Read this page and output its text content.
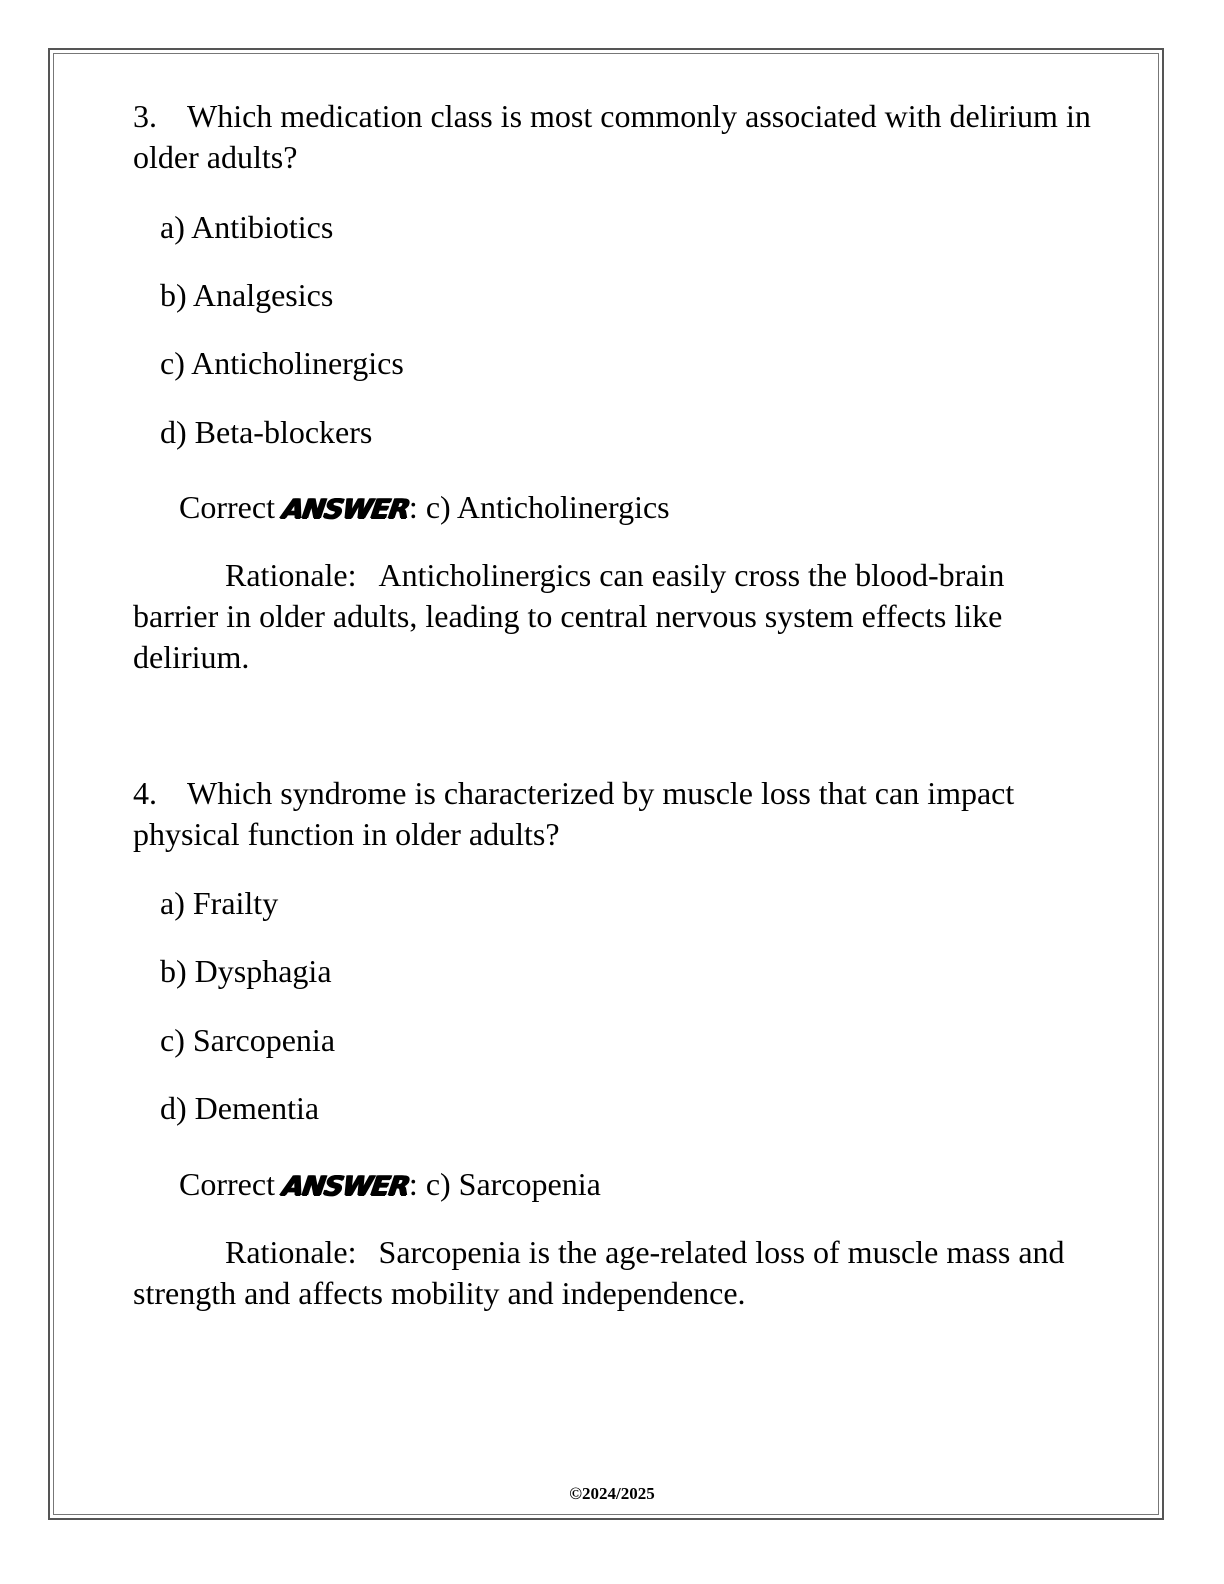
3. Which medication class is most commonly associated with delirium in older adults?

a) Antibiotics

b) Analgesics

c) Anticholinergics

d) Beta-blockers

Correct ANSWER: c) Anticholinergics

Rationale: Anticholinergics can easily cross the blood-brain barrier in older adults, leading to central nervous system effects like delirium.

4. Which syndrome is characterized by muscle loss that can impact physical function in older adults?

a) Frailty

b) Dysphagia

c) Sarcopenia

d) Dementia

Correct ANSWER: c) Sarcopenia

Rationale: Sarcopenia is the age-related loss of muscle mass and strength and affects mobility and independence.

©2024/2025
